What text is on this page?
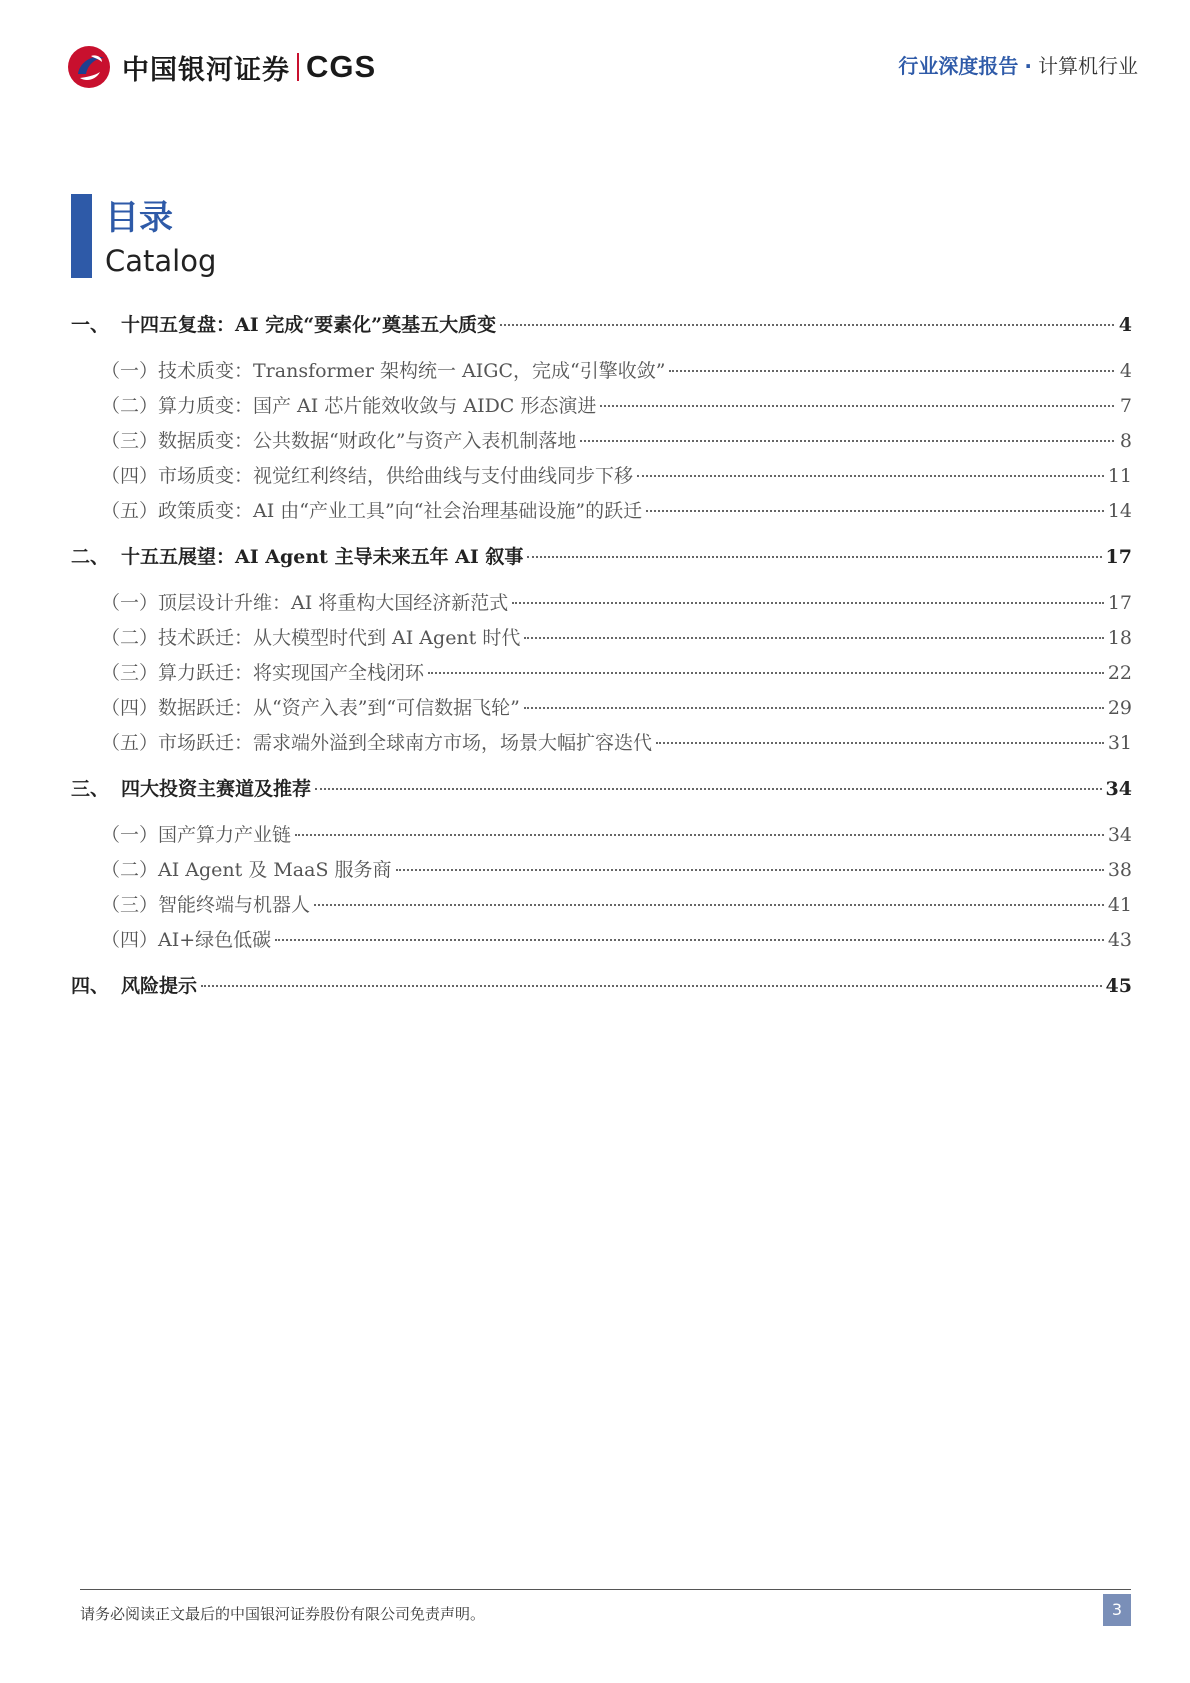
中国银河证券 CGS	行业深度报告 · 计算机行业
目录
Catalog
一、 十四五复盘：AI 完成“要素化”奠基五大质变	4
（一）技术质变：Transformer 架构统一 AIGC，完成“引擎收敛”	4
（二）算力质变：国产 AI 芯片能效收敛与 AIDC 形态演进	7
（三）数据质变：公共数据“财政化”与资产入表机制落地	8
（四）市场质变：视觉红利终结，供给曲线与支付曲线同步下移	11
（五）政策质变：AI 由“产业工具”向“社会治理基础设施”的跃迁	14
二、 十五五展望：AI Agent 主导未来五年 AI 叙事	17
（一）顶层设计升维：AI 将重构大国经济新范式	17
（二）技术跃迁：从大模型时代到 AI Agent 时代	18
（三）算力跃迁：将实现国产全栈闭环	22
（四）数据跃迁：从“资产入表”到“可信数据飞轮”	29
（五）市场跃迁：需求端外溢到全球南方市场，场景大幅扩容迭代	31
三、 四大投资主赛道及推荐	34
（一）国产算力产业链	34
（二）AI Agent 及 MaaS 服务商	38
（三）智能终端与机器人	41
（四）AI+绿色低碳	43
四、 风险提示	45
请务必阅读正文最后的中国银河证券股份有限公司免责声明。	3
